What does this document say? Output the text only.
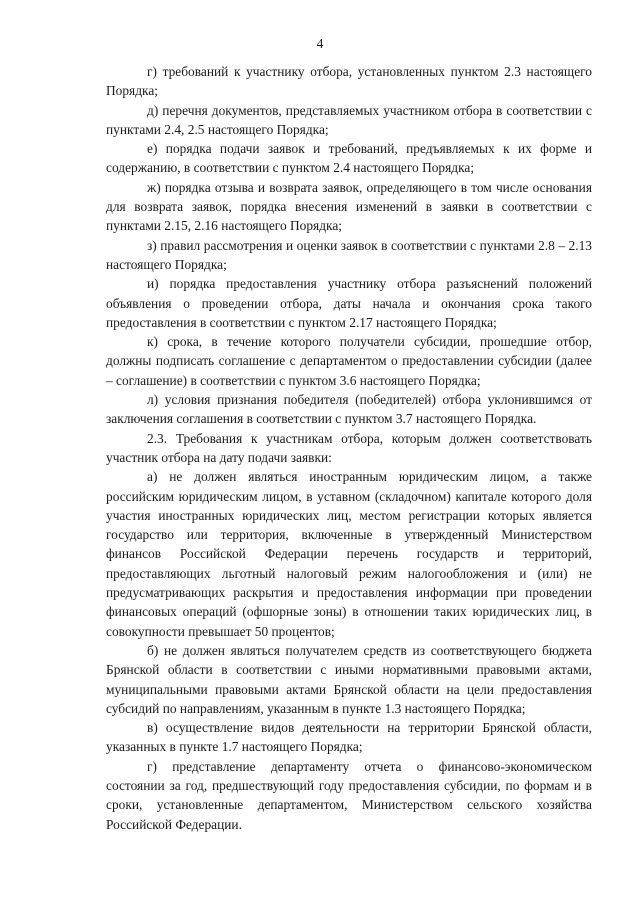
4

г) требований к участнику отбора, установленных пунктом 2.3 настоящего Порядка;

д) перечня документов, представляемых участником отбора в соответствии с пунктами 2.4, 2.5 настоящего Порядка;

е) порядка подачи заявок и требований, предъявляемых к их форме и содержанию, в соответствии с пунктом 2.4 настоящего Порядка;

ж) порядка отзыва и возврата заявок, определяющего в том числе основания для возврата заявок, порядка внесения изменений в заявки в соответствии с пунктами 2.15, 2.16 настоящего Порядка;

з) правил рассмотрения и оценки заявок в соответствии с пунктами 2.8 – 2.13 настоящего Порядка;

и) порядка предоставления участнику отбора разъяснений положений объявления о проведении отбора, даты начала и окончания срока такого предоставления в соответствии с пунктом 2.17 настоящего Порядка;

к) срока, в течение которого получатели субсидии, прошедшие отбор, должны подписать соглашение с департаментом о предоставлении субсидии (далее – соглашение) в соответствии с пунктом 3.6 настоящего Порядка;

л) условия признания победителя (победителей) отбора уклонившимся от заключения соглашения в соответствии с пунктом 3.7 настоящего Порядка.

2.3. Требования к участникам отбора, которым должен соответствовать участник отбора на дату подачи заявки:

а) не должен являться иностранным юридическим лицом, а также российским юридическим лицом, в уставном (складочном) капитале которого доля участия иностранных юридических лиц, местом регистрации которых является государство или территория, включенные в утвержденный Министерством финансов Российской Федерации перечень государств и территорий, предоставляющих льготный налоговый режим налогообложения и (или) не предусматривающих раскрытия и предоставления информации при проведении финансовых операций (офшорные зоны) в отношении таких юридических лиц, в совокупности превышает 50 процентов;

б) не должен являться получателем средств из соответствующего бюджета Брянской области в соответствии с иными нормативными правовыми актами, муниципальными правовыми актами Брянской области на цели предоставления субсидий по направлениям, указанным в пункте 1.3 настоящего Порядка;

в) осуществление видов деятельности на территории Брянской области, указанных в пункте 1.7 настоящего Порядка;

г) представление департаменту отчета о финансово-экономическом состоянии за год, предшествующий году предоставления субсидии, по формам и в сроки, установленные департаментом, Министерством сельского хозяйства Российской Федерации.
